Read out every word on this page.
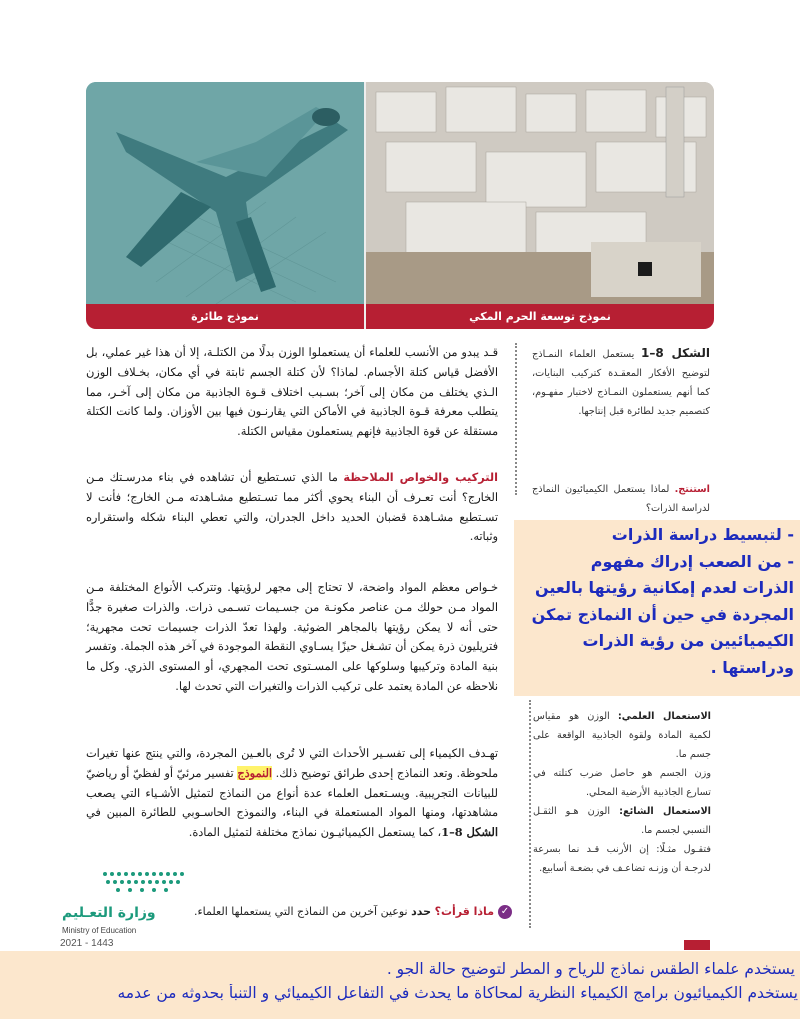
نموذج طائرة	نموذج توسعة الحرم المكي
قـد يبدو من الأنسب للعلماء أن يستعملوا الوزن بدلًا من الكتلـة، إلا أن هذا غير عملي، بل الأفضل قياس كتلة الأجسام. لماذا؟ لأن كتلة الجسم ثابتة في أي مكان، بخـلاف الوزن الـذي يختلف من مكان إلى آخر؛ بسـبب اختلاف قـوة الجاذبية من مكان إلى آخـر، مما يتطلب معرفة قـوة الجاذبية في الأماكن التي يقارنـون فيها بين الأوزان. ولما كانت الكتلة مستقلة عن قوة الجاذبية فإنهم يستعملون مقياس الكتلة.
التركيب والخواص الملاحظة ما الذي تسـتطيع أن تشاهده في بناء مدرسـتك مـن الخارج؟ أنت تعـرف أن البناء يحوي أكثر مما تسـتطيع مشـاهدته مـن الخارج؛ فأنت لا تسـتطيع مشـاهدة قضبان الحديد داخل الجدران، والتي تعطي البناء شكله واستقراره وثباته.
خـواص معظم المواد واضحة، لا تحتاج إلى مجهر لرؤيتها. وتتركب الأنواع المختلفة مـن المواد مـن حولك مـن عناصر مكونـة من جسـيمات تسـمى ذرات. والذرات صغيرة جدًّا حتى أنه لا يمكن رؤيتها بالمجاهر الضوئية. ولهذا تعدّ الذرات جسيمات تحت مجهرية؛ فتريليون ذرة يمكن أن تشـغل حيزًا يسـاوي النقطة الموجودة في آخر هذه الجملة. وتفسر بنية المادة وتركيبها وسلوكها على المسـتوى تحت المجهري، أو المستوى الذري. وكل ما نلاحظه عن المادة يعتمد على تركيب الذرات والتغيرات التي تحدث لها.
تهـدف الكيمياء إلى تفسـير الأحداث التي لا تُرى بالعـين المجردة، والتي ينتج عنها تغيرات ملحوظة. وتعد النماذج إحدى طرائق توضيح ذلك. النموذج تفسير مرئيّ أو لفظيّ أو رياضيّ للبيانات التجريبية. ويسـتعمل العلماء عدة أنواع من النماذج لتمثيل الأشـياء التي يصعب مشاهدتها، ومنها المواد المستعملة في البناء، والنموذج الحاسـوبي للطائرة المبين في الشكل 8–1، كما يستعمل الكيميائيـون نماذج مختلفة لتمثيل المادة.
الشكل 8–1 يستعمل العلماء النمـاذج لتوضيح الأفكار المعقـدة كتركيب البنايات، كما أنهم يستعملون النمـاذج لاختبار مفهـوم، كتصميم جديد لطائرة قبل إنتاجها.
استنتج. لماذا يستعمل الكيميائيون النماذج لدراسة الذرات؟
الاستعمال العلمي: الوزن هو مقياس لكمية المادة ولقوة الجاذبية الواقعة على جسم ما.
وزن الجسم هو حاصل ضرب كتلته في تسارع الجاذبية الأرضية المحلي.
الاستعمال الشائع: الوزن هـو الثقـل النسبي لجسم ما.
فتقـول مثـلًا: إن الأرنب قـد نما بسرعة لدرجـة أن وزنـه تضاعـف في بضعـة أسابيع.
- لتبسيط دراسة الذرات
- من الصعب إدراك مفهوم
الذرات لعدم إمكانية رؤيتها بالعين
المجردة في حين أن النماذج تمكن
الكيميائيين من رؤية الذرات
ودراستها .
وزارة التعـليم
Ministry of Education
2021 - 1443
✓ماذا قرأت؟ حدد نوعين آخرين من النماذج التي يستعملها العلماء.
يستخدم علماء الطقس نماذج للرياح و المطر لتوضيح حالة الجو .
يستخدم الكيميائيون برامج الكيمياء النظرية لمحاكاة ما يحدث في التفاعل الكيميائي و التنبأ بحدوثه من عدمه
